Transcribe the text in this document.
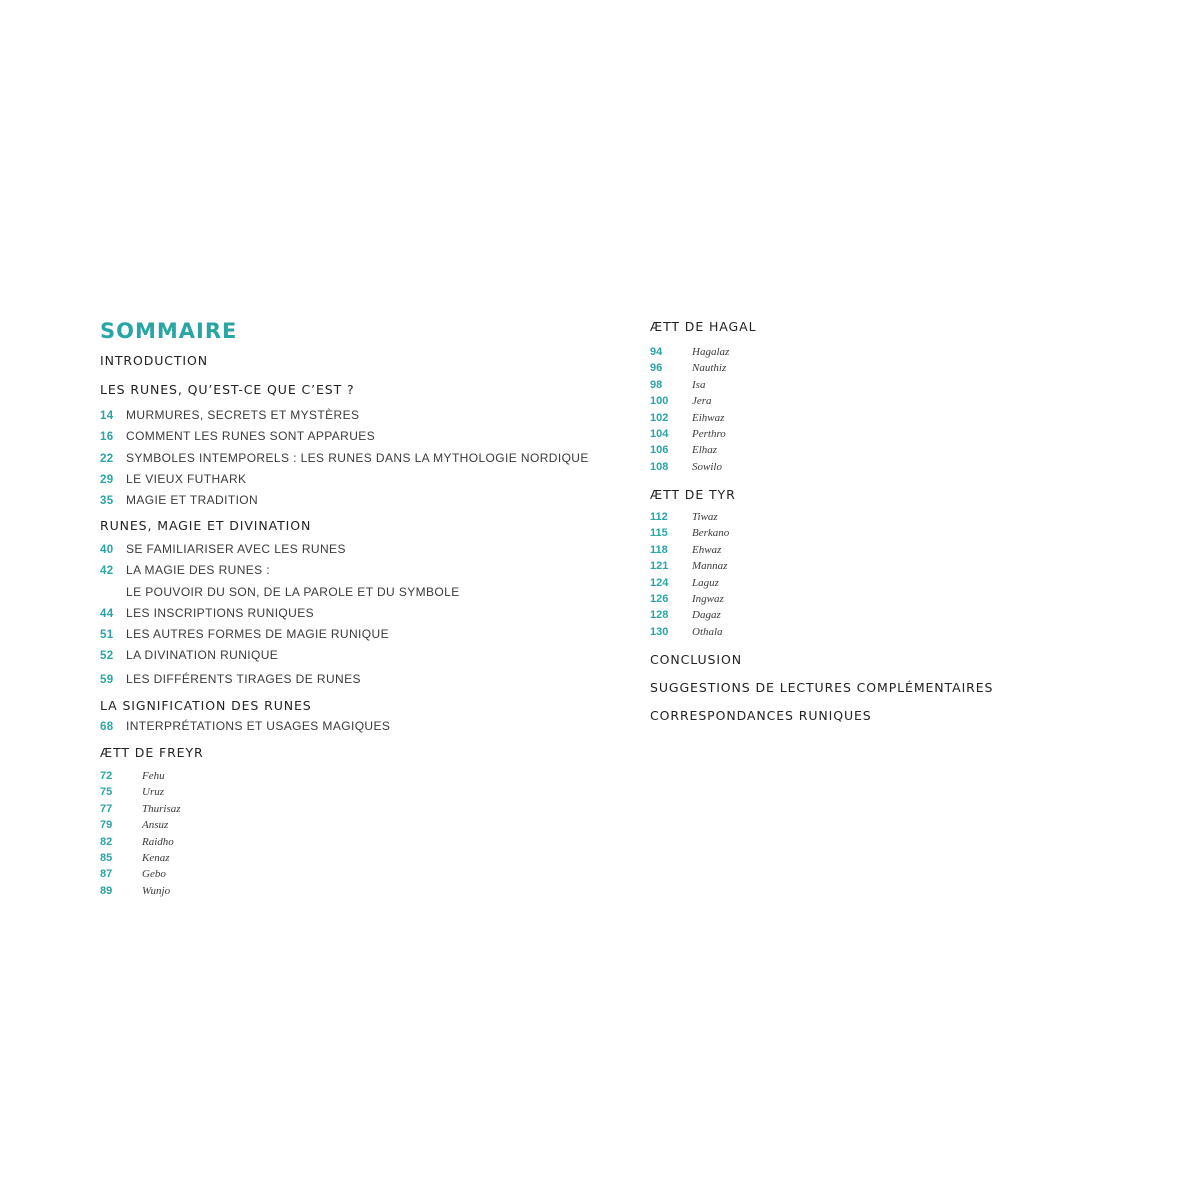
SOMMAIRE
INTRODUCTION
LES RUNES, QU’EST-CE QUE C’EST ?
14 MURMURES, SECRETS ET MYSTÈRES
16 COMMENT LES RUNES SONT APPARUES
22 SYMBOLES INTEMPORELS : LES RUNES DANS LA MYTHOLOGIE NORDIQUE
29 LE VIEUX FUTHARK
35 MAGIE ET TRADITION
RUNES, MAGIE ET DIVINATION
40 SE FAMILIARISER AVEC LES RUNES
42 LA MAGIE DES RUNES :
LE POUVOIR DU SON, DE LA PAROLE ET DU SYMBOLE
44 LES INSCRIPTIONS RUNIQUES
51 LES AUTRES FORMES DE MAGIE RUNIQUE
52 LA DIVINATION RUNIQUE
59 LES DIFFÉRENTS TIRAGES DE RUNES
LA SIGNIFICATION DES RUNES
68 INTERPRÉTATIONS ET USAGES MAGIQUES
ÆTT DE FREYR
72	Fehu
75	Uruz
77	Thurisaz
79	Ansuz
82	Raidho
85	Kenaz
87	Gebo
89	Wunjo
ÆTT DE HAGAL
94	Hagalaz
96	Nauthiz
98	Isa
100 Jera
102 Eihwaz
104 Perthro
106 Elhaz
108 Sowilo
ÆTT DE TYR
112 Tiwaz
115 Berkano
118 Ehwaz
121 Mannaz
124 Laguz
126 Ingwaz
128 Dagaz
130 Othala
CONCLUSION
SUGGESTIONS DE LECTURES COMPLÉMENTAIRES
CORRESPONDANCES RUNIQUES
